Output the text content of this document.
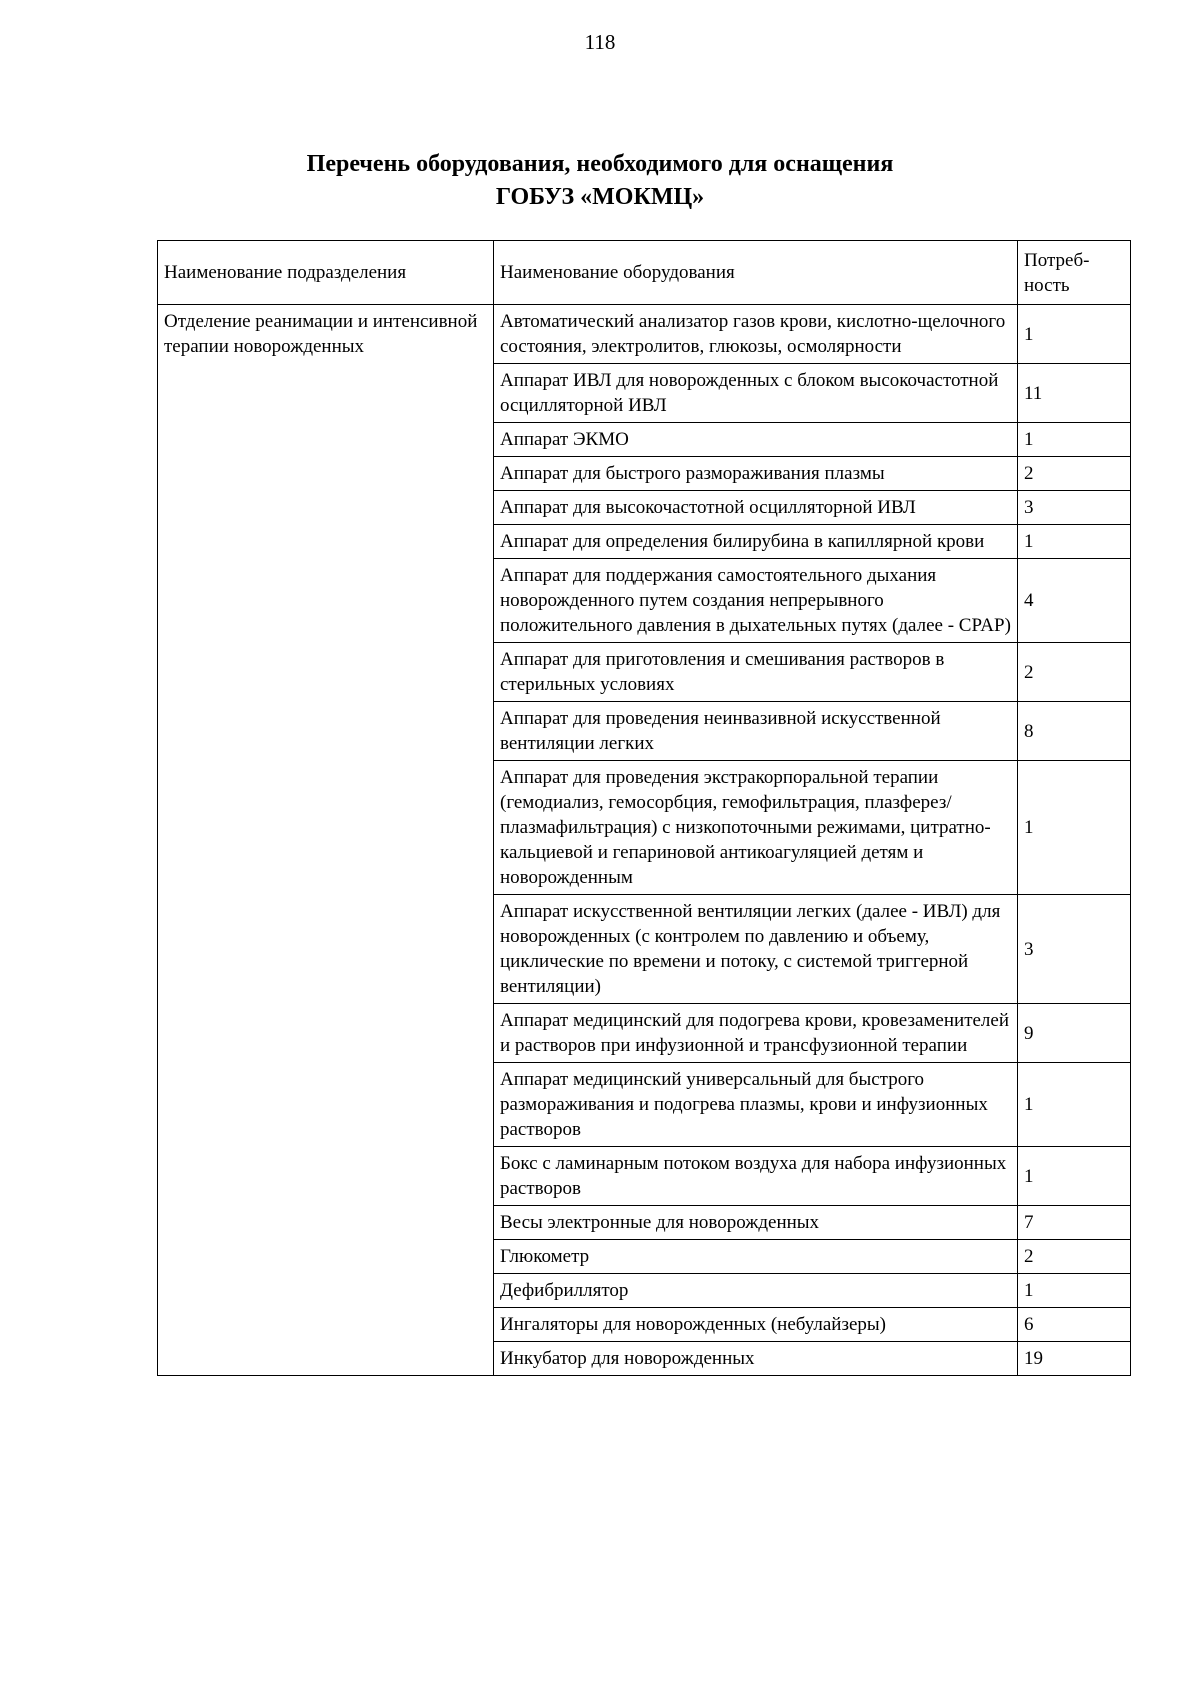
118
Перечень оборудования, необходимого для оснащения
ГОБУЗ «МОКМЦ»
Наименование подразделения	Наименование оборудования	Потреб-ность
Отделение реанимации и интенсивной терапии новорожденных	Автоматический анализатор газов крови, кислотно-щелочного состояния, электролитов, глюкозы, осмолярности	1
	Аппарат ИВЛ для новорожденных с блоком высокочастотной осцилляторной ИВЛ	11
	Аппарат ЭКМО	1
	Аппарат для быстрого размораживания плазмы	2
	Аппарат для высокочастотной осцилляторной ИВЛ	3
	Аппарат для определения билирубина в капиллярной крови	1
	Аппарат для поддержания самостоятельного дыхания новорожденного путем создания непрерывного положительного давления в дыхательных путях (далее - CPAP)	4
	Аппарат для приготовления и смешивания растворов в стерильных условиях	2
	Аппарат для проведения неинвазивной искусственной вентиляции легких	8
	Аппарат для проведения экстракорпоральной терапии (гемодиализ, гемосорбция, гемофильтрация, плазферез/плазмафильтрация) с низкопоточными режимами, цитратно-кальциевой и гепариновой антикоагуляцией детям и новорожденным	1
	Аппарат искусственной вентиляции легких (далее - ИВЛ) для новорожденных (с контролем по давлению и объему, циклические по времени и потоку, с системой триггерной вентиляции)	3
	Аппарат медицинский для подогрева крови, кровезаменителей и растворов при инфузионной и трансфузионной терапии	9
	Аппарат медицинский универсальный для быстрого размораживания и подогрева плазмы, крови и инфузионных растворов	1
	Бокс с ламинарным потоком воздуха для набора инфузионных растворов	1
	Весы электронные для новорожденных	7
	Глюкометр	2
	Дефибриллятор	1
	Ингаляторы для новорожденных (небулайзеры)	6
	Инкубатор для новорожденных	19
